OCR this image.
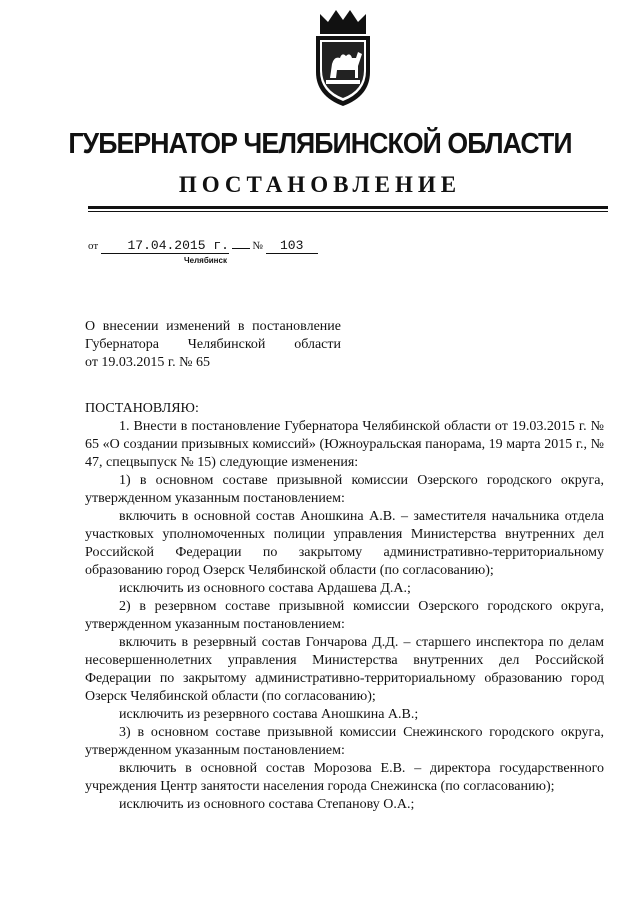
ГУБЕРНАТОР ЧЕЛЯБИНСКОЙ ОБЛАСТИ
ПОСТАНОВЛЕНИЕ
от 17.04.2015 г. № 103
Челябинск
О внесении изменений в постановление
Губернатора Челябинской области
от 19.03.2015 г. № 65

ПОСТАНОВЛЯЮ:

1. Внести в постановление Губернатора Челябинской области от 19.03.2015 г. № 65 «О создании призывных комиссий» (Южноуральская панорама, 19 марта 2015 г., № 47, спецвыпуск № 15) следующие изменения:

1) в основном составе призывной комиссии Озерского городского округа, утвержденном указанным постановлением:

включить в основной состав Аношкина А.В. – заместителя начальника отдела участковых уполномоченных полиции управления Министерства внутренних дел Российской Федерации по закрытому административно-территориальному образованию город Озерск Челябинской области (по согласованию);

исключить из основного состава Ардашева Д.А.;

2) в резервном составе призывной комиссии Озерского городского округа, утвержденном указанным постановлением:

включить в резервный состав Гончарова Д.Д. – старшего инспектора по делам несовершеннолетних управления Министерства внутренних дел Российской Федерации по закрытому административно-территориальному образованию город Озерск Челябинской области (по согласованию);

исключить из резервного состава Аношкина А.В.;

3) в основном составе призывной комиссии Снежинского городского округа, утвержденном указанным постановлением:

включить в основной состав Морозова Е.В. – директора государственного учреждения Центр занятости населения города Снежинска (по согласованию);

исключить из основного состава Степанову О.А.;
